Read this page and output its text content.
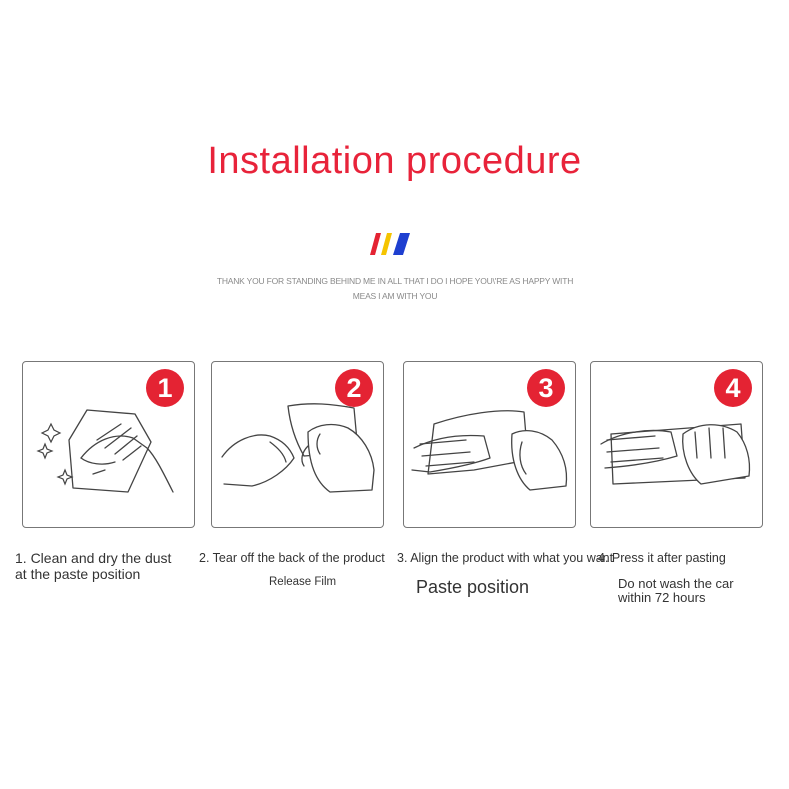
Installation procedure
THANK YOU FOR STANDING BEHIND ME IN ALL THAT I DO I HOPE YOU\'RE AS HAPPY WITH
MEAS I AM WITH YOU
1	2	3	4
1. Clean and dry the dust at the paste position
2. Tear off the back of the product
Release Film
3. Align the product with what you want
Paste position
4. Press it after pasting
Do not wash the car within 72 hours
